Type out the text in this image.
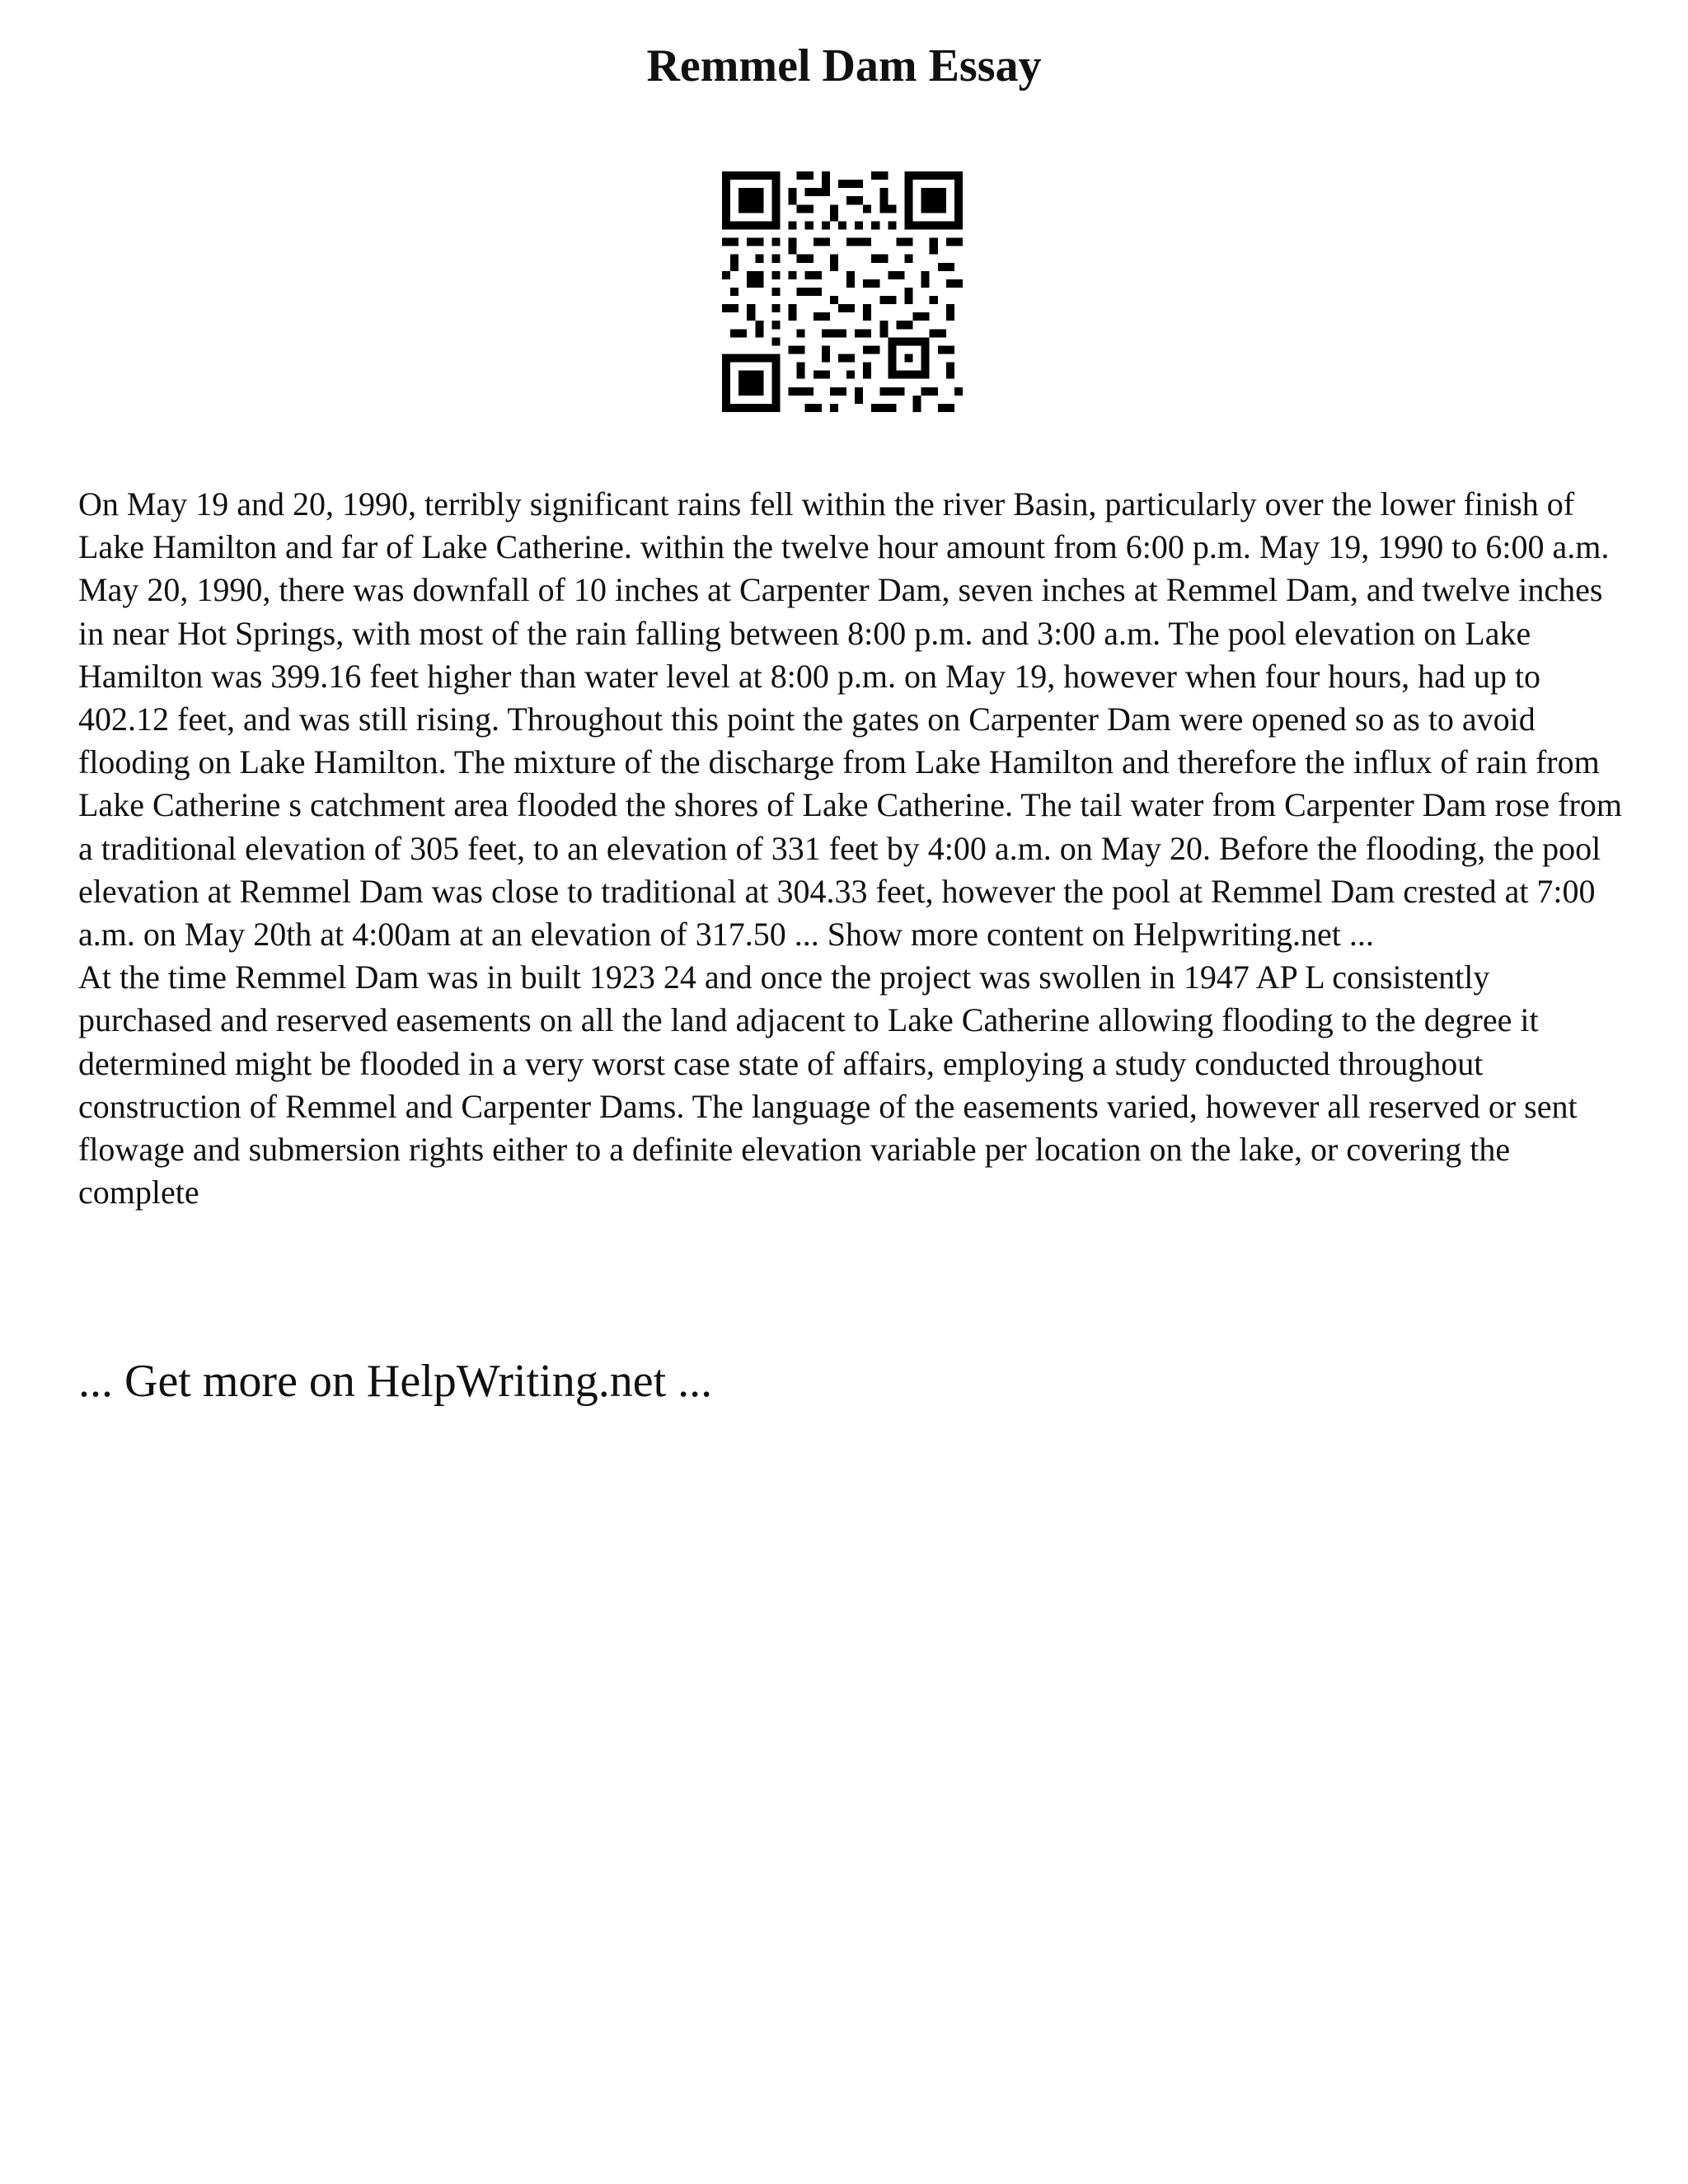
Remmel Dam Essay

On May 19 and 20, 1990, terribly significant rains fell within the river Basin, particularly over the lower finish of Lake Hamilton and far of Lake Catherine. within the twelve hour amount from 6:00 p.m. May 19, 1990 to 6:00 a.m. May 20, 1990, there was downfall of 10 inches at Carpenter Dam, seven inches at Remmel Dam, and twelve inches in near Hot Springs, with most of the rain falling between 8:00 p.m. and 3:00 a.m. The pool elevation on Lake Hamilton was 399.16 feet higher than water level at 8:00 p.m. on May 19, however when four hours, had up to 402.12 feet, and was still rising. Throughout this point the gates on Carpenter Dam were opened so as to avoid flooding on Lake Hamilton. The mixture of the discharge from Lake Hamilton and therefore the influx of rain from Lake Catherine s catchment area flooded the shores of Lake Catherine. The tail water from Carpenter Dam rose from a traditional elevation of 305 feet, to an elevation of 331 feet by 4:00 a.m. on May 20. Before the flooding, the pool elevation at Remmel Dam was close to traditional at 304.33 feet, however the pool at Remmel Dam crested at 7:00 a.m. on May 20th at 4:00am at an elevation of 317.50 ... Show more content on Helpwriting.net ...

At the time Remmel Dam was in built 1923 24 and once the project was swollen in 1947 AP L consistently purchased and reserved easements on all the land adjacent to Lake Catherine allowing flooding to the degree it determined might be flooded in a very worst case state of affairs, employing a study conducted throughout construction of Remmel and Carpenter Dams. The language of the easements varied, however all reserved or sent flowage and submersion rights either to a definite elevation variable per location on the lake, or covering the complete

... Get more on HelpWriting.net ...
